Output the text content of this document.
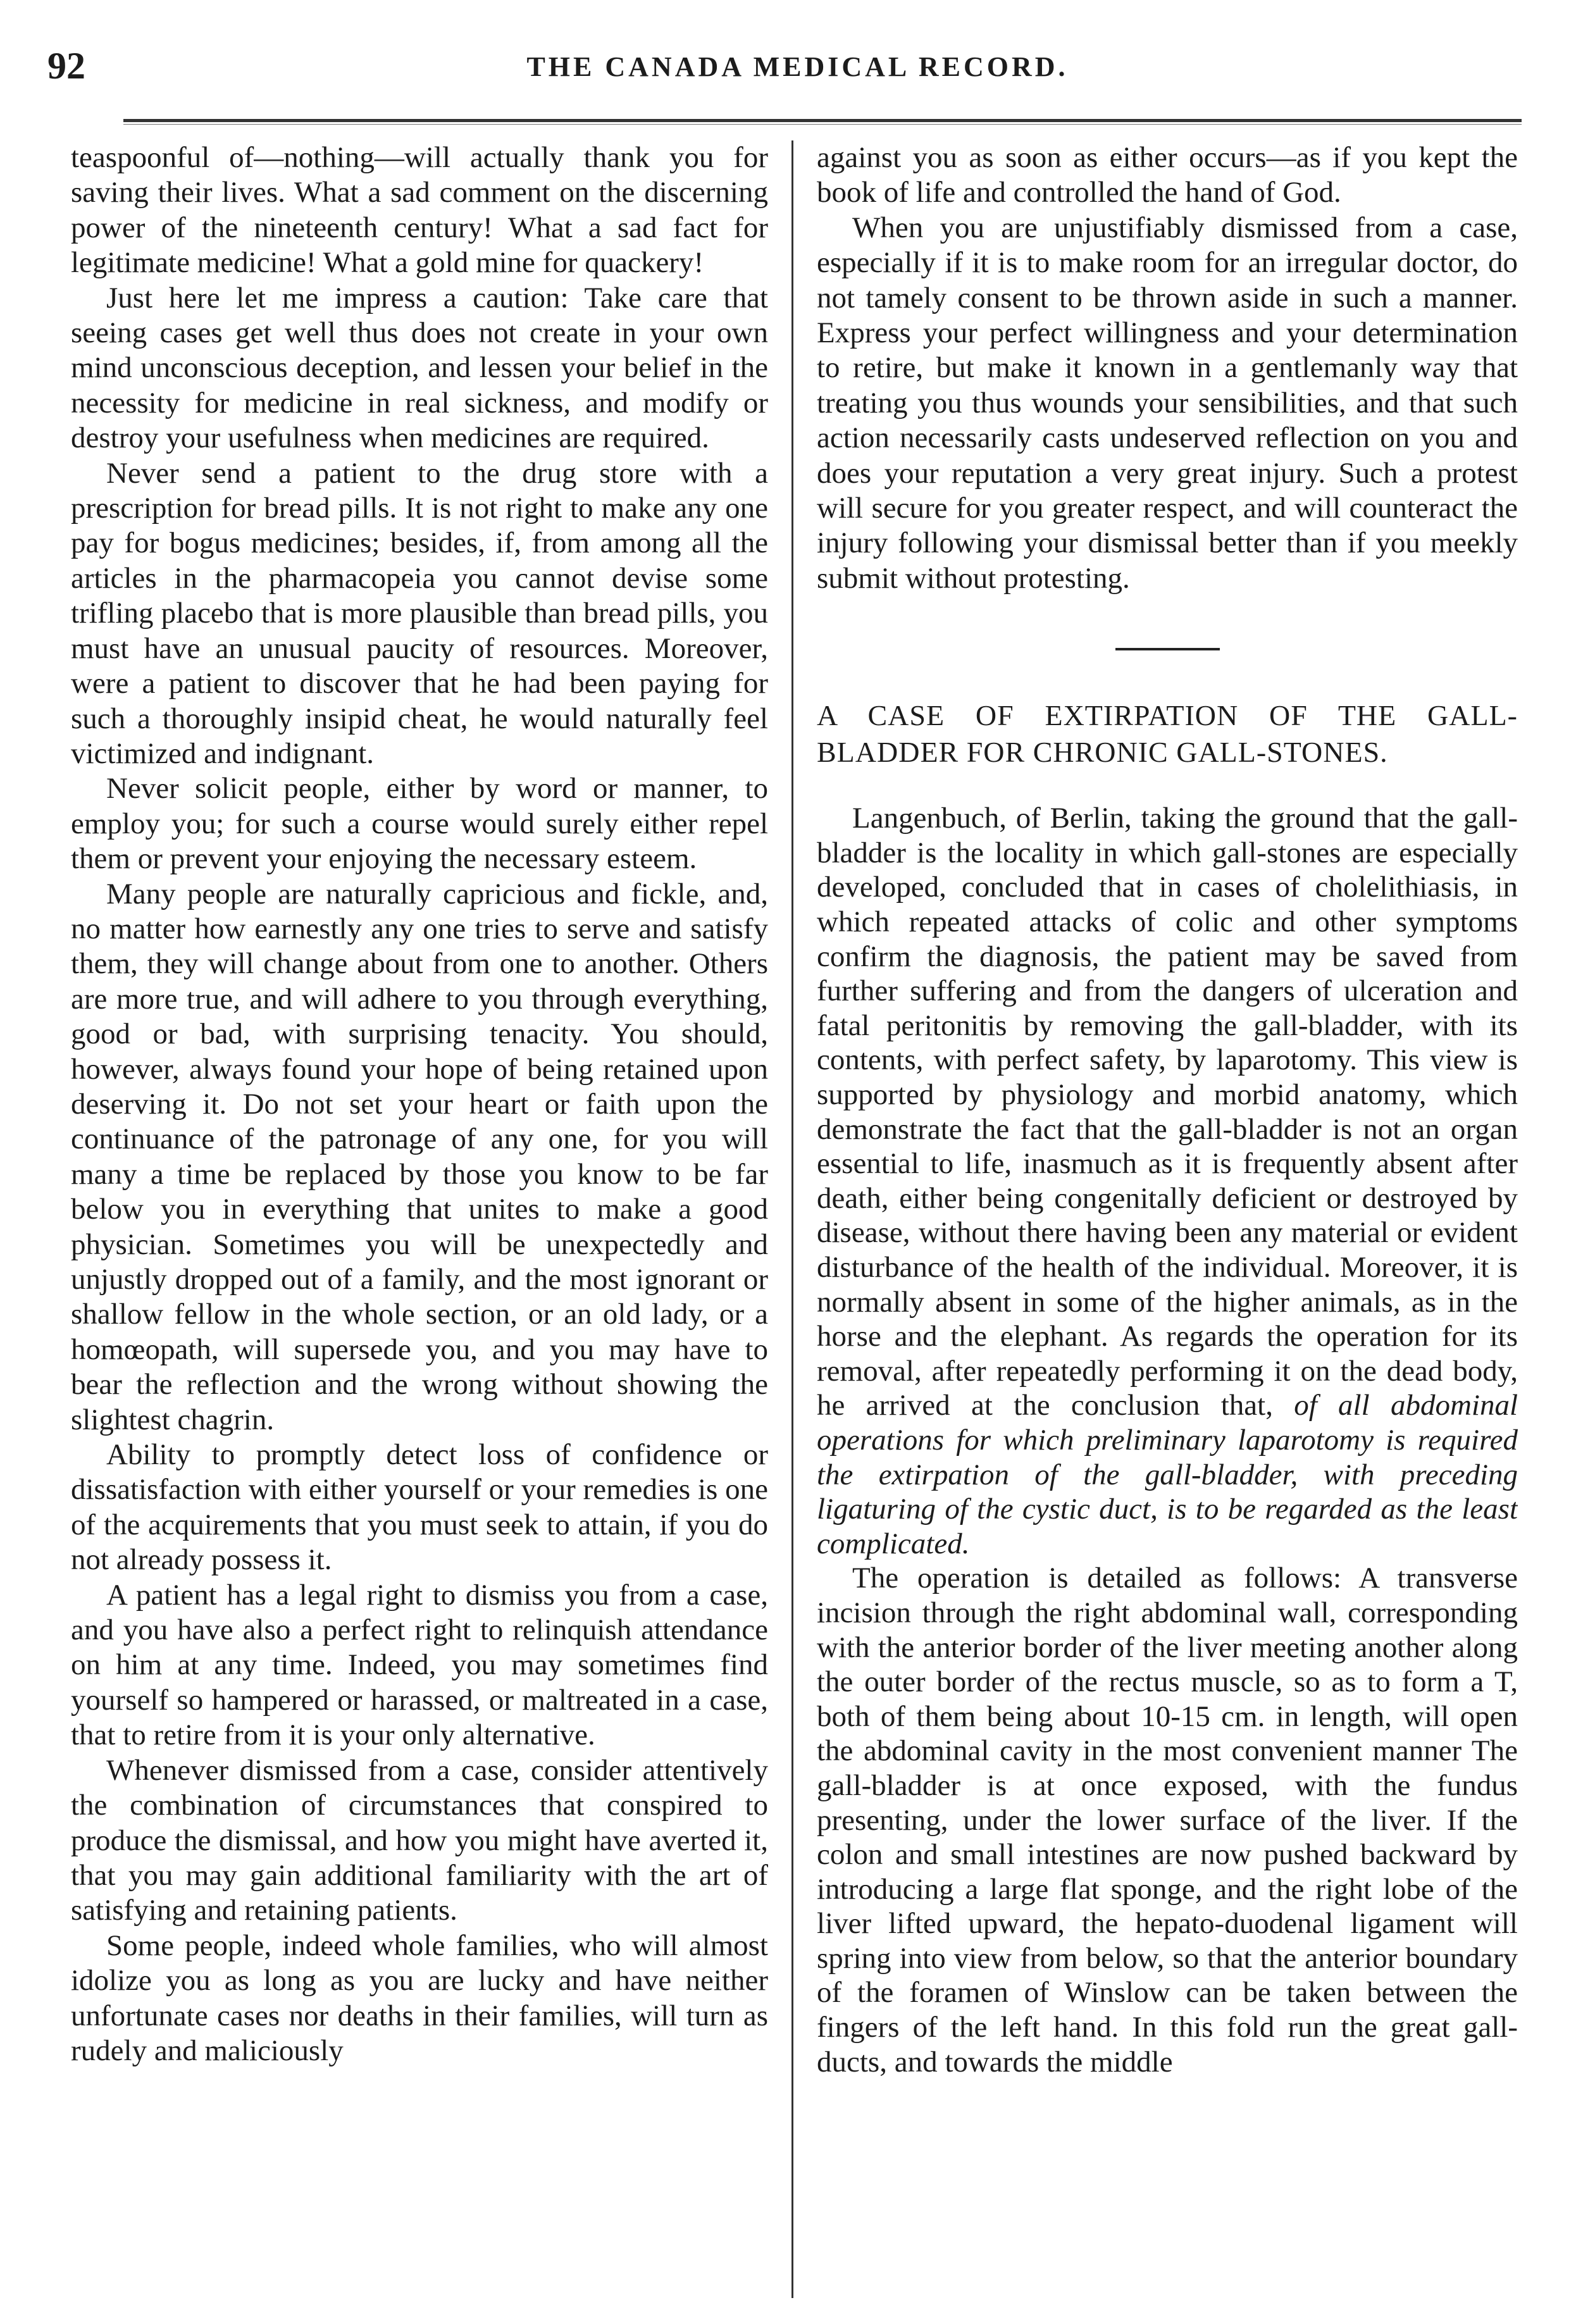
92	THE CANADA MEDICAL RECORD.

teaspoonful of—nothing—will actually thank you for saving their lives. What a sad comment on the discerning power of the nineteenth century! What a sad fact for legitimate medicine! What a gold mine for quackery!

Just here let me impress a caution: Take care that seeing cases get well thus does not create in your own mind unconscious deception, and lessen your belief in the necessity for medicine in real sickness, and modify or destroy your usefulness when medicines are required.

Never send a patient to the drug store with a prescription for bread pills. It is not right to make any one pay for bogus medicines; besides, if, from among all the articles in the pharmacopeia you cannot devise some trifling placebo that is more plausible than bread pills, you must have an unusual paucity of resources. Moreover, were a patient to discover that he had been paying for such a thoroughly insipid cheat, he would naturally feel victimized and indignant.

Never solicit people, either by word or manner, to employ you; for such a course would surely either repel them or prevent your enjoying the necessary esteem.

Many people are naturally capricious and fickle, and, no matter how earnestly any one tries to serve and satisfy them, they will change about from one to another. Others are more true, and will adhere to you through everything, good or bad, with surprising tenacity. You should, however, always found your hope of being retained upon deserving it. Do not set your heart or faith upon the continuance of the patronage of any one, for you will many a time be replaced by those you know to be far below you in everything that unites to make a good physician. Sometimes you will be unexpectedly and unjustly dropped out of a family, and the most ignorant or shallow fellow in the whole section, or an old lady, or a homœopath, will supersede you, and you may have to bear the reflection and the wrong without showing the slightest chagrin.

Ability to promptly detect loss of confidence or dissatisfaction with either yourself or your remedies is one of the acquirements that you must seek to attain, if you do not already possess it.

A patient has a legal right to dismiss you from a case, and you have also a perfect right to relinquish attendance on him at any time. Indeed, you may sometimes find yourself so hampered or harassed, or maltreated in a case, that to retire from it is your only alternative.

Whenever dismissed from a case, consider attentively the combination of circumstances that conspired to produce the dismissal, and how you might have averted it, that you may gain additional familiarity with the art of satisfying and retaining patients.

Some people, indeed whole families, who will almost idolize you as long as you are lucky and have neither unfortunate cases nor deaths in their families, will turn as rudely and maliciously

against you as soon as either occurs—as if you kept the book of life and controlled the hand of God.

When you are unjustifiably dismissed from a case, especially if it is to make room for an irregular doctor, do not tamely consent to be thrown aside in such a manner. Express your perfect willingness and your determination to retire, but make it known in a gentlemanly way that treating you thus wounds your sensibilities, and that such action necessarily casts undeserved reflection on you and does your reputation a very great injury. Such a protest will secure for you greater respect, and will counteract the injury following your dismissal better than if you meekly submit without protesting.

A CASE OF EXTIRPATION OF THE GALL-BLADDER FOR CHRONIC GALL-STONES.

Langenbuch, of Berlin, taking the ground that the gall-bladder is the locality in which gall-stones are especially developed, concluded that in cases of cholelithiasis, in which repeated attacks of colic and other symptoms confirm the diagnosis, the patient may be saved from further suffering and from the dangers of ulceration and fatal peritonitis by removing the gall-bladder, with its contents, with perfect safety, by laparotomy. This view is supported by physiology and morbid anatomy, which demonstrate the fact that the gall-bladder is not an organ essential to life, inasmuch as it is frequently absent after death, either being congenitally deficient or destroyed by disease, without there having been any material or evident disturbance of the health of the individual. Moreover, it is normally absent in some of the higher animals, as in the horse and the elephant. As regards the operation for its removal, after repeatedly performing it on the dead body, he arrived at the conclusion that, of all abdominal operations for which preliminary laparotomy is required the extirpation of the gall-bladder, with preceding ligaturing of the cystic duct, is to be regarded as the least complicated.

The operation is detailed as follows: A transverse incision through the right abdominal wall, corresponding with the anterior border of the liver meeting another along the outer border of the rectus muscle, so as to form a T, both of them being about 10-15 cm. in length, will open the abdominal cavity in the most convenient manner The gall-bladder is at once exposed, with the fundus presenting, under the lower surface of the liver. If the colon and small intestines are now pushed backward by introducing a large flat sponge, and the right lobe of the liver lifted upward, the hepato-duodenal ligament will spring into view from below, so that the anterior boundary of the foramen of Winslow can be taken between the fingers of the left hand. In this fold run the great gall-ducts, and towards the middle
